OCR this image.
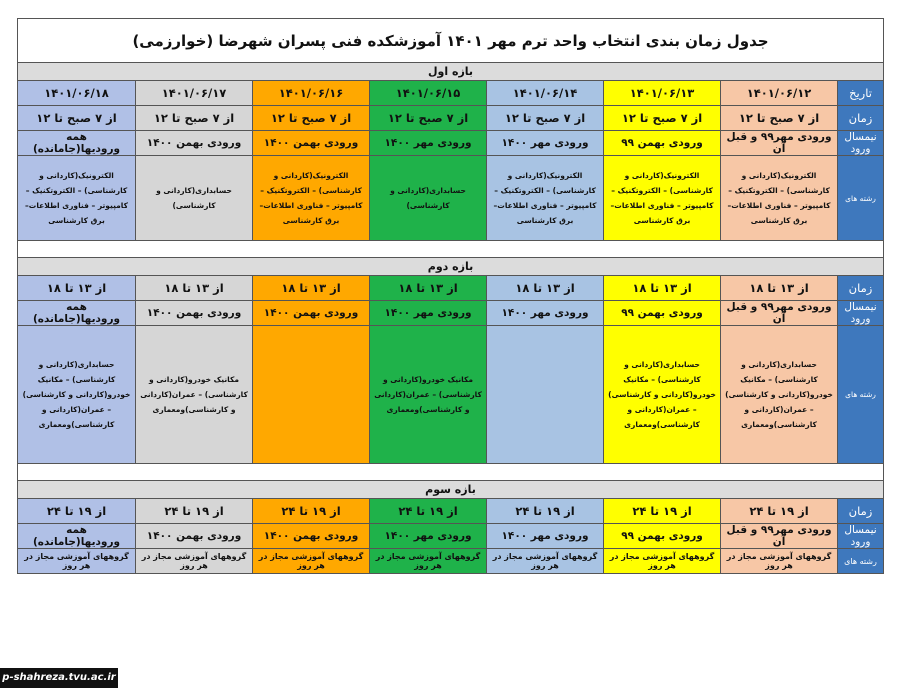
جدول زمان بندی انتخاب واحد ترم مهر ۱۴۰۱ آموزشکده فنی پسران شهرضا (خوارزمی)							
بازه اول							
تاریخ	۱۴۰۱/۰۶/۱۲	۱۴۰۱/۰۶/۱۳	۱۴۰۱/۰۶/۱۴	۱۴۰۱/۰۶/۱۵	۱۴۰۱/۰۶/۱۶	۱۴۰۱/۰۶/۱۷	۱۴۰۱/۰۶/۱۸
زمان	از ۷ صبح تا ۱۲	از ۷ صبح تا ۱۲	از ۷ صبح تا ۱۲	از ۷ صبح تا ۱۲	از ۷ صبح تا ۱۲	از ۷ صبح تا ۱۲	از ۷ صبح تا ۱۲
نیمسال ورود	ورودی مهر۹۹ و قبل آن	ورودی بهمن ۹۹	ورودی مهر ۱۴۰۰	ورودی مهر ۱۴۰۰	ورودی بهمن ۱۴۰۰	ورودی بهمن ۱۴۰۰	همه ورودیها(جامانده)
رشته های	الکترونیک(کاردانی و کارشناسی) – الکتروتکنیک – کامپیوتر – فناوری اطلاعات– برق کارشناسی	الکترونیک(کاردانی و کارشناسی) – الکتروتکنیک – کامپیوتر – فناوری اطلاعات– برق کارشناسی	الکترونیک(کاردانی و کارشناسی) – الکتروتکنیک – کامپیوتر – فناوری اطلاعات– برق کارشناسی	حسابداری(کاردانی و کارشناسی)	الکترونیک(کاردانی و کارشناسی) – الکتروتکنیک – کامپیوتر – فناوری اطلاعات– برق کارشناسی	حسابداری(کاردانی و کارشناسی)	الکترونیک(کاردانی و کارشناسی) – الکتروتکنیک – کامپیوتر – فناوری اطلاعات– برق کارشناسی

بازه دوم							
زمان	از ۱۳ تا ۱۸	از ۱۳ تا ۱۸	از ۱۳ تا ۱۸	از ۱۳ تا ۱۸	از ۱۳ تا ۱۸	از ۱۳ تا ۱۸	از ۱۳ تا ۱۸
نیمسال ورود	ورودی مهر۹۹ و قبل آن	ورودی بهمن ۹۹	ورودی مهر ۱۴۰۰	ورودی مهر ۱۴۰۰	ورودی بهمن ۱۴۰۰	ورودی بهمن ۱۴۰۰	همه ورودیها(جامانده)
رشته های	حسابداری(کاردانی و کارشناسی) – مکانیک خودرو(کاردانی و کارشناسی) – عمران(کاردانی و کارشناسی)ومعماری	حسابداری(کاردانی و کارشناسی) – مکانیک خودرو(کاردانی و کارشناسی) – عمران(کاردانی و کارشناسی)ومعماری		مکانیک خودرو(کاردانی و کارشناسی) – عمران(کاردانی و کارشناسی)ومعماری		مکانیک خودرو(کاردانی و کارشناسی) – عمران(کاردانی و کارشناسی)ومعماری	حسابداری(کاردانی و کارشناسی) – مکانیک خودرو(کاردانی و کارشناسی) – عمران(کاردانی و کارشناسی)ومعماری

بازه سوم							
زمان	از ۱۹ تا ۲۴	از ۱۹ تا ۲۴	از ۱۹ تا ۲۴	از ۱۹ تا ۲۴	از ۱۹ تا ۲۴	از ۱۹ تا ۲۴	از ۱۹ تا ۲۴
نیمسال ورود	ورودی مهر۹۹ و قبل آن	ورودی بهمن ۹۹	ورودی مهر ۱۴۰۰	ورودی مهر ۱۴۰۰	ورودی بهمن ۱۴۰۰	ورودی بهمن ۱۴۰۰	همه ورودیها(جامانده)
رشته های	گروههای آموزشی مجاز در هر روز	گروههای آموزشی مجاز در هر روز	گروههای آموزشی مجاز در هر روز	گروههای آموزشی مجاز در هر روز	گروههای آموزشی مجاز در هر روز	گروههای آموزشی مجاز در هر روز	گروههای آموزشی مجاز در هر روز
p-shahreza.tvu.ac.ir
